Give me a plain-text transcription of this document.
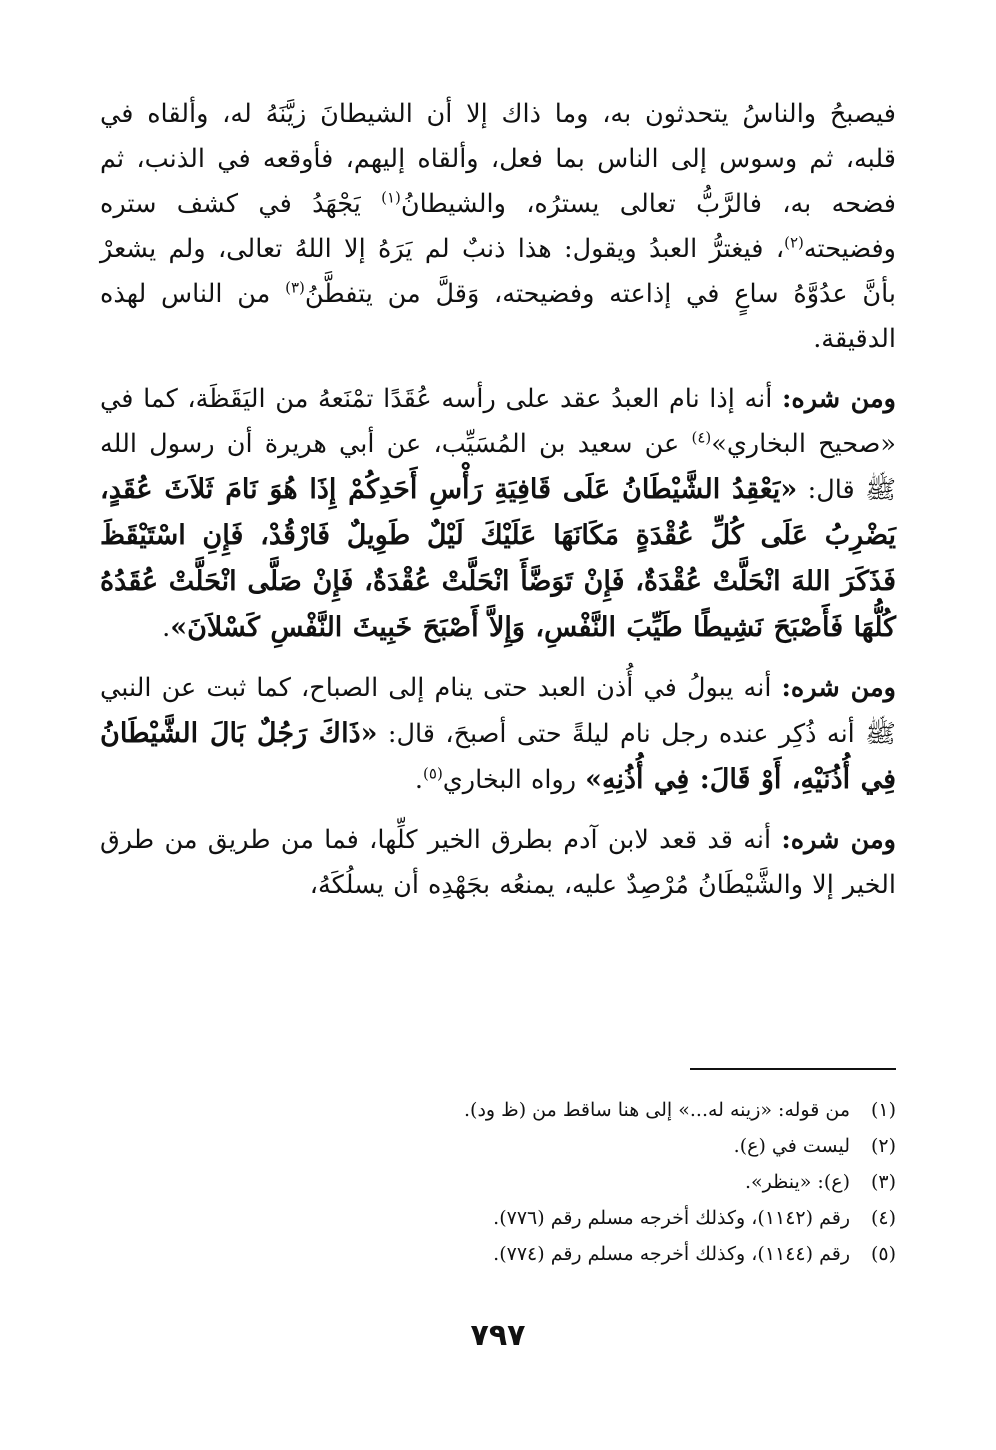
فيصبحُ والناسُ يتحدثون به، وما ذاك إلا أن الشيطانَ زيَّنَهُ له، وألقاه في قلبه، ثم وسوس إلى الناس بما فعل، وألقاه إليهم، فأوقعه في الذنب، ثم فضحه به، فالرَّبُّ تعالى يسترُه، والشيطانُ$^{(١)}$ يَجْهَدُ في كشف ستره وفضيحته$^{(٢)}$، فيغترُّ العبدُ ويقول: هذا ذنبٌ لم يَرَهُ إلا اللهُ تعالى، ولم يشعرْ بأنَّ عدُوَّهُ ساعٍ في إذاعته وفضيحته، وَقلَّ من يتفطَّنُ$^{(٣)}$ من الناس لهذه الدقيقة.

ومن شره: أنه إذا نام العبدُ عقد على رأسه عُقَدًا تمْنَعهُ من اليَقَظَة، كما في «صحيح البخاري»$^{(٤)}$ عن سعيد بن المُسَيِّب، عن أبي هريرة أن رسول الله ﷺ قال: «يَعْقِدُ الشَّيْطَانُ عَلَى قَافِيَةِ رَأْسِ أَحَدِكُمْ إِذَا هُوَ نَامَ ثَلاَثَ عُقَدٍ، يَضْرِبُ عَلَى كُلِّ عُقْدَةٍ مَكَانَهَا عَلَيْكَ لَيْلٌ طَوِيلٌ فَارْقُدْ، فَإِنِ اسْتَيْقَظَ فَذَكَرَ اللهَ انْحَلَّتْ عُقْدَةٌ، فَإِنْ تَوَضَّأَ انْحَلَّتْ عُقْدَةٌ، فَإِنْ صَلَّى انْحَلَّتْ عُقَدُهُ كُلُّهَا فَأَصْبَحَ نَشِيطًا طَيِّبَ النَّفْسِ، وَإِلاَّ أَصْبَحَ خَبِيثَ النَّفْسِ كَسْلاَنَ».

ومن شره: أنه يبولُ في أُذن العبد حتى ينام إلى الصباح، كما ثبت عن النبي ﷺ أنه ذُكِر عنده رجل نام ليلةً حتى أصبحَ، قال: «ذَاكَ رَجُلٌ بَالَ الشَّيْطَانُ فِي أُذُنَيْهِ، أَوْ قَالَ: فِي أُذُنِهِ» رواه البخاري$^{(٥)}$.

ومن شره: أنه قد قعد لابن آدم بطرق الخير كلِّها، فما من طريق من طرق الخير إلا والشَّيْطَانُ مُرْصِدٌ عليه، يمنعُه بجَهْدِه أن يسلُكَهُ،

(١)من قوله: «زينه له...» إلى هنا ساقط من (ظ ود).
(٢)ليست في (ع).
(٣)(ع): «ينظر».
(٤)رقم (١١٤٢)، وكذلك أخرجه مسلم رقم (٧٧٦).
(٥)رقم (١١٤٤)، وكذلك أخرجه مسلم رقم (٧٧٤).
٧٩٧
